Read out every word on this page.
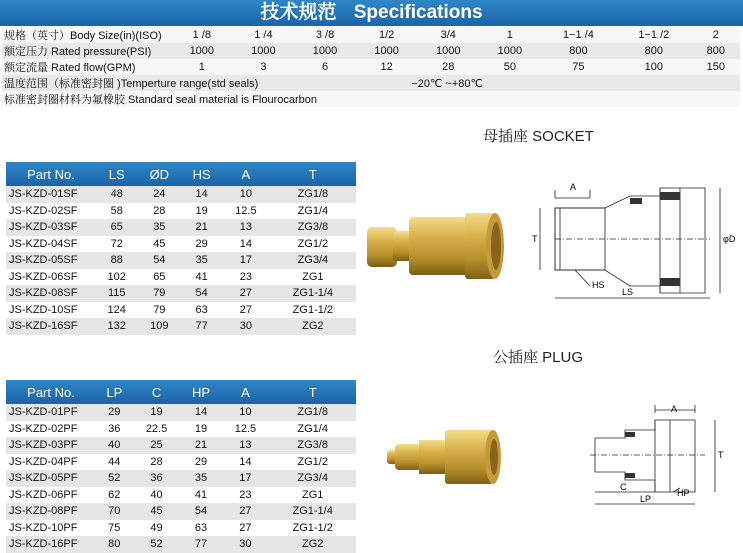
技术规范 Specifications
规格（英寸）Body Size(in)(ISO)	1 /8	1 /4	3 /8	1/2	3/4	1	1−1 /4	1−1 /2	2
额定压力 Rated pressure(PSI)	1000	1000	1000	1000	1000	1000	800	800	800
额定流量 Rated flow(GPM)	1	3	6	12	28	50	75	100	150
温度范围（标准密封圈 )Temperture range(std seals) −20℃ ~+80℃									
标准密封圈材料为氟橡胶 Standard seal material is Flourocarbon									
母插座 SOCKET
Part No.	LS	ØD	HS	A	T
JS-KZD-01SF	48	24	14	10	ZG1/8
JS-KZD-02SF	58	28	19	12.5	ZG1/4
JS-KZD-03SF	65	35	21	13	ZG3/8
JS-KZD-04SF	72	45	29	14	ZG1/2
JS-KZD-05SF	88	54	35	17	ZG3/4
JS-KZD-06SF	102	65	41	23	ZG1
JS-KZD-08SF	115	79	54	27	ZG1-1/4
JS-KZD-10SF	124	79	63	27	ZG1-1/2
JS-KZD-16SF	132	109	77	30	ZG2
A
T	φD
HS
LS
公插座 PLUG
Part No.	LP	C	HP	A	T
JS-KZD-01PF	29	19	14	10	ZG1/8
JS-KZD-02PF	36	22.5	19	12.5	ZG1/4
JS-KZD-03PF	40	25	21	13	ZG3/8
JS-KZD-04PF	44	28	29	14	ZG1/2
JS-KZD-05PF	52	36	35	17	ZG3/4
JS-KZD-06PF	62	40	41	23	ZG1
JS-KZD-08PF	70	45	54	27	ZG1-1/4
JS-KZD-10PF	75	49	63	27	ZG1-1/2
JS-KZD-16PF	80	52	77	30	ZG2
A
T
C
HP
LP
